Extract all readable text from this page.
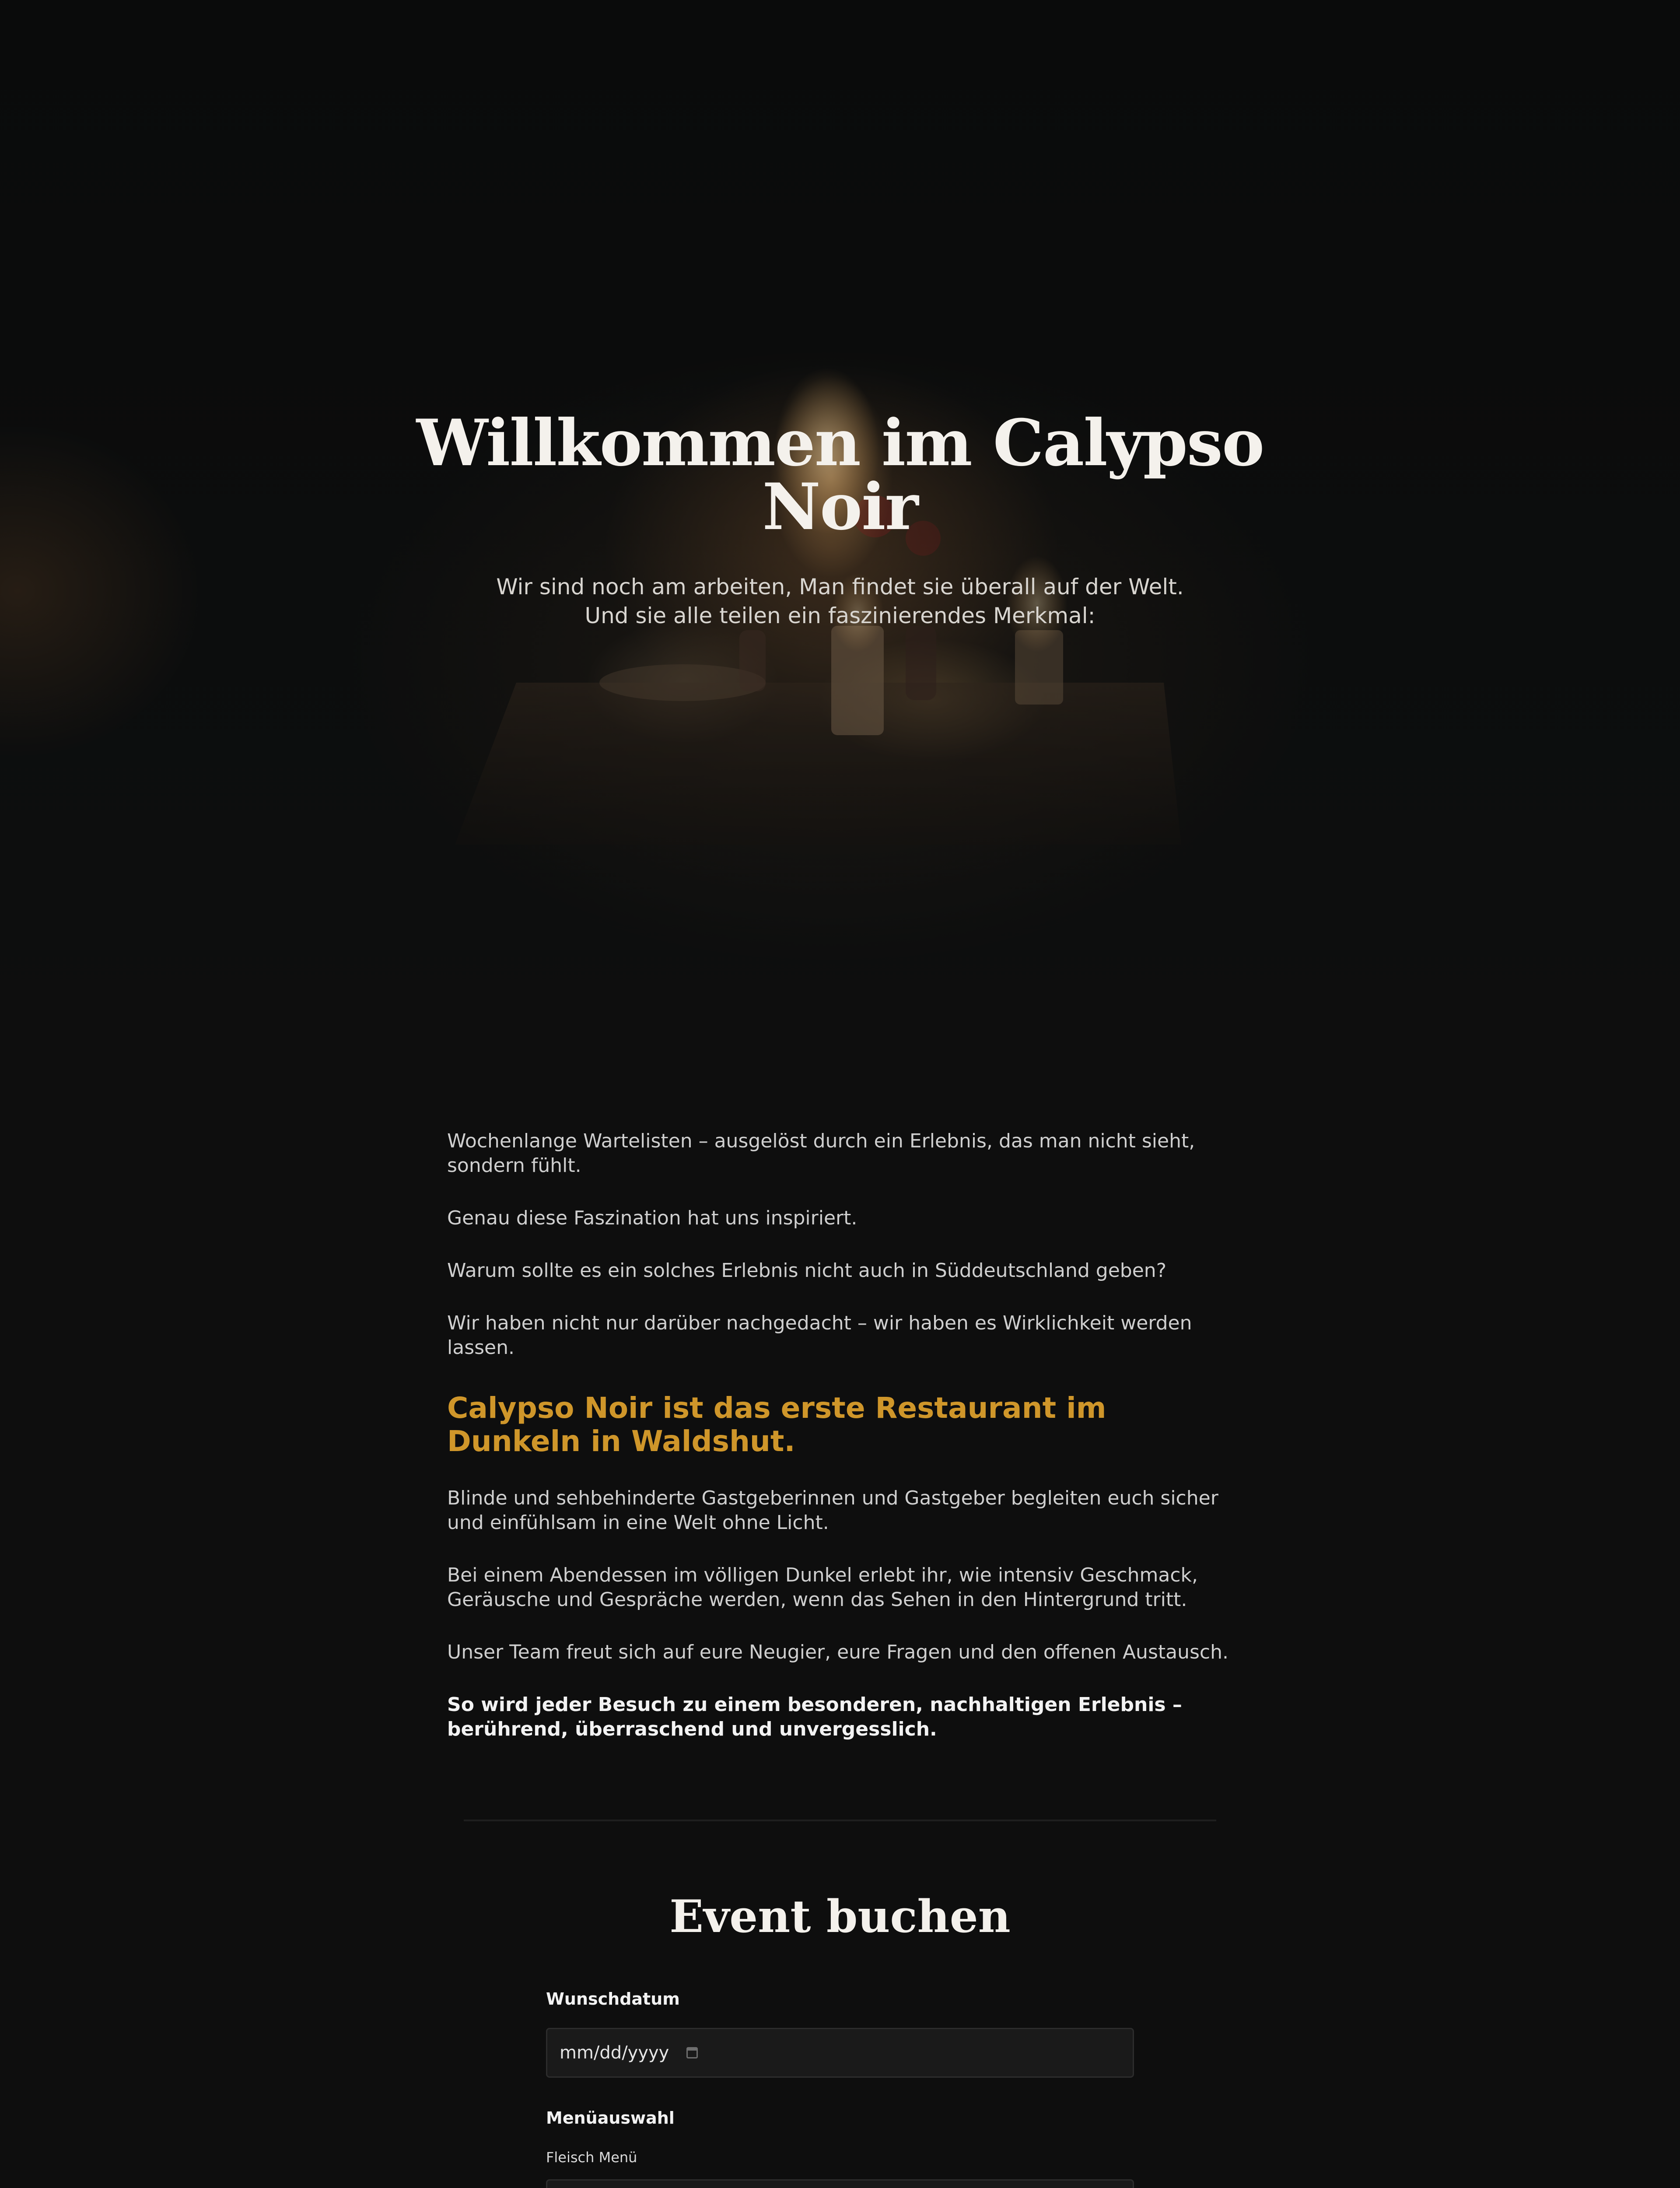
Willkommen im Calypso Noir

Wir sind noch am arbeiten, Man findet sie überall auf der Welt.
Und sie alle teilen ein faszinierendes Merkmal:

Wochenlange Wartelisten – ausgelöst durch ein Erlebnis, das man nicht sieht, sondern fühlt.

Genau diese Faszination hat uns inspiriert.

Warum sollte es ein solches Erlebnis nicht auch in Süddeutschland geben?

Wir haben nicht nur darüber nachgedacht – wir haben es Wirklichkeit werden lassen.

Calypso Noir ist das erste Restaurant im Dunkeln in Waldshut.

Blinde und sehbehinderte Gastgeberinnen und Gastgeber begleiten euch sicher und einfühlsam in eine Welt ohne Licht.

Bei einem Abendessen im völligen Dunkel erlebt ihr, wie intensiv Geschmack, Geräusche und Gespräche werden, wenn das Sehen in den Hintergrund tritt.

Unser Team freut sich auf eure Neugier, eure Fragen und den offenen Austausch.

So wird jeder Besuch zu einem besonderen, nachhaltigen Erlebnis – berührend, überraschend und unvergesslich.

Event buchen
Wunschdatum
mm/dd/yyyy
Menüauswahl
Fleisch Menü
0
